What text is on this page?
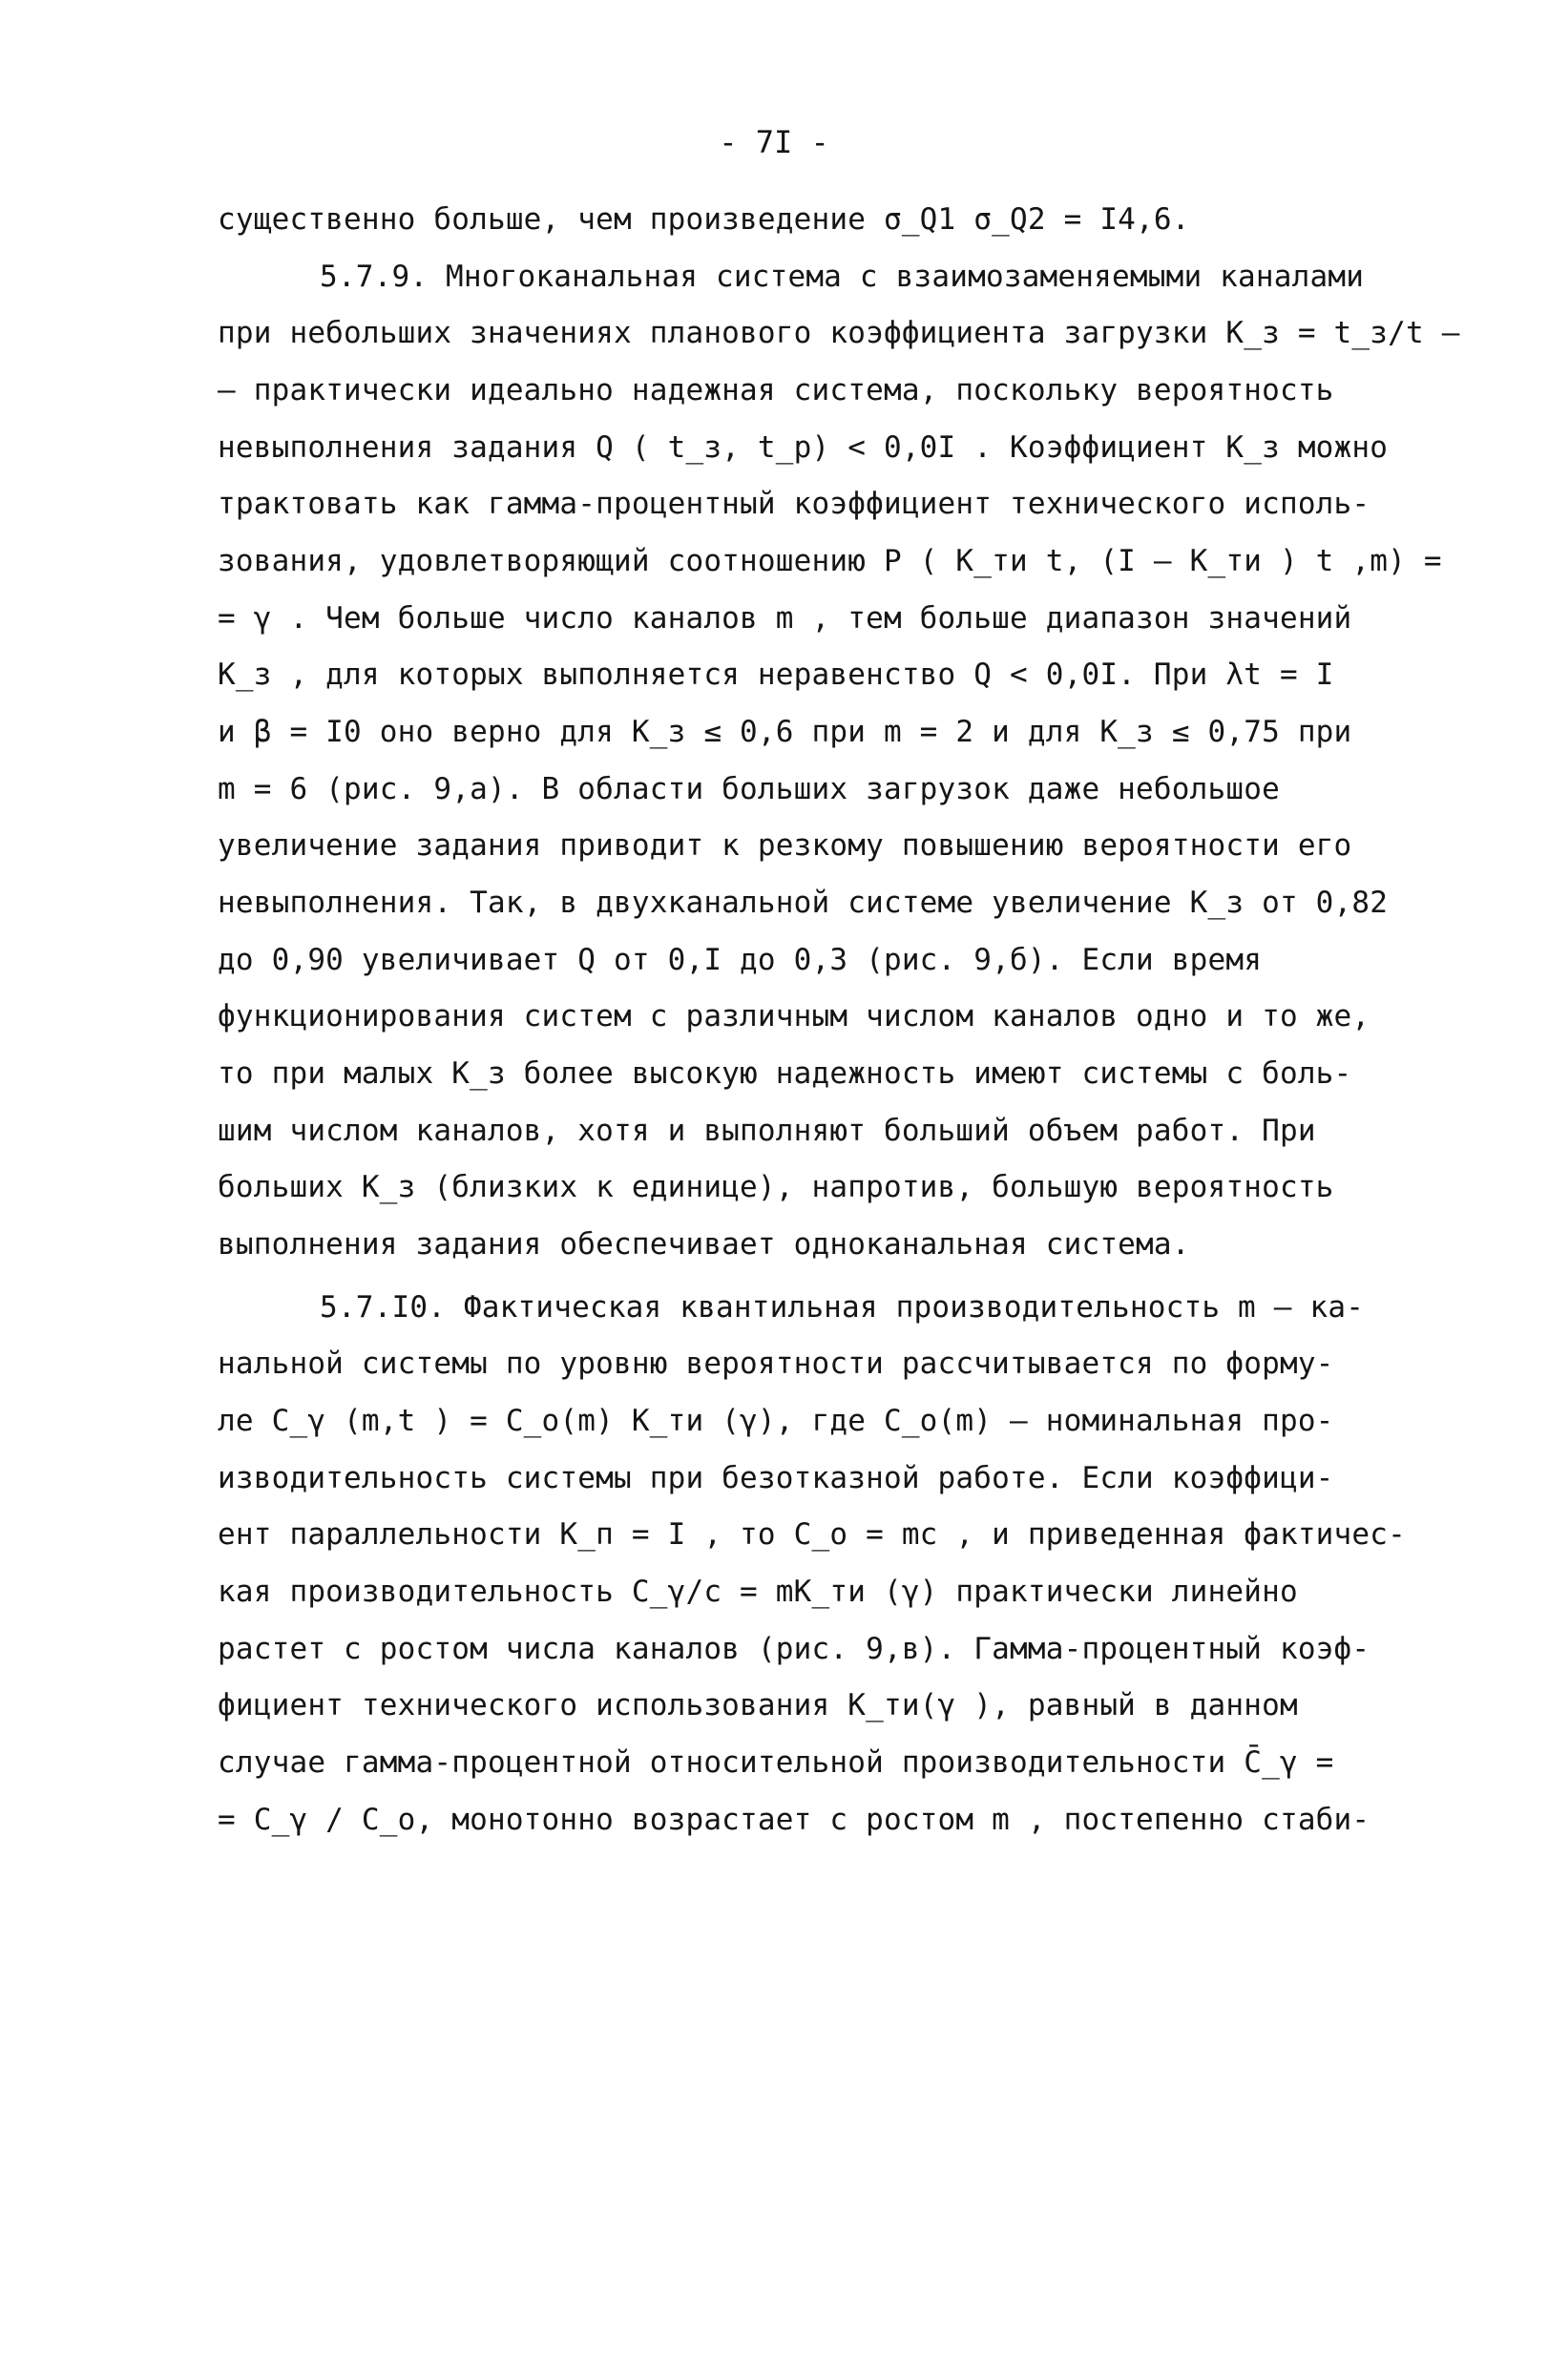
- 7I -
существенно больше, чем произведение σ_Q1 σ_Q2 = I4,6.
5.7.9. Многоканальная система с взаимозаменяемыми каналами
при небольших значениях планового коэффициента загрузки K_з = t_з/t –
– практически идеально надежная система, поскольку вероятность
невыполнения задания Q ( t_з, t_р) < 0,0I . Коэффициент K_з можно
трактовать как гамма-процентный коэффициент технического исполь-
зования, удовлетворяющий соотношению P ( K_ти t, (I – K_ти ) t ,m) =
= γ . Чем больше число каналов m , тем больше диапазон значений
K_з , для которых выполняется неравенство Q < 0,0I. При λt = I
и β = I0 оно верно для K_з ≤ 0,6 при m = 2 и для K_з ≤ 0,75 при
m = 6 (рис. 9,а). В области больших загрузок даже небольшое
увеличение задания приводит к резкому повышению вероятности его
невыполнения. Так, в двухканальной системе увеличение K_з от 0,82
до 0,90 увеличивает Q от 0,I до 0,3 (рис. 9,б). Если время
функционирования систем с различным числом каналов одно и то же,
то при малых K_з более высокую надежность имеют системы с боль-
шим числом каналов, хотя и выполняют больший объем работ. При
больших K_з (близких к единице), напротив, большую вероятность
выполнения задания обеспечивает одноканальная система.
5.7.I0. Фактическая квантильная производительность m – ка-
нальной системы по уровню вероятности рассчитывается по форму-
ле C_γ (m,t ) = C_o(m) K_ти (γ), где C_o(m) – номинальная про-
изводительность системы при безотказной работе. Если коэффици-
ент параллельности K_п = I , то C_o = mc , и приведенная фактичес-
кая производительность C_γ/c = mK_ти (γ) практически линейно
растет с ростом числа каналов (рис. 9,в). Гамма-процентный коэф-
фициент технического использования K_ти(γ ), равный в данном
случае гамма-процентной относительной производительности C̄_γ =
= C_γ / C_o, монотонно возрастает с ростом m , постепенно стаби-
